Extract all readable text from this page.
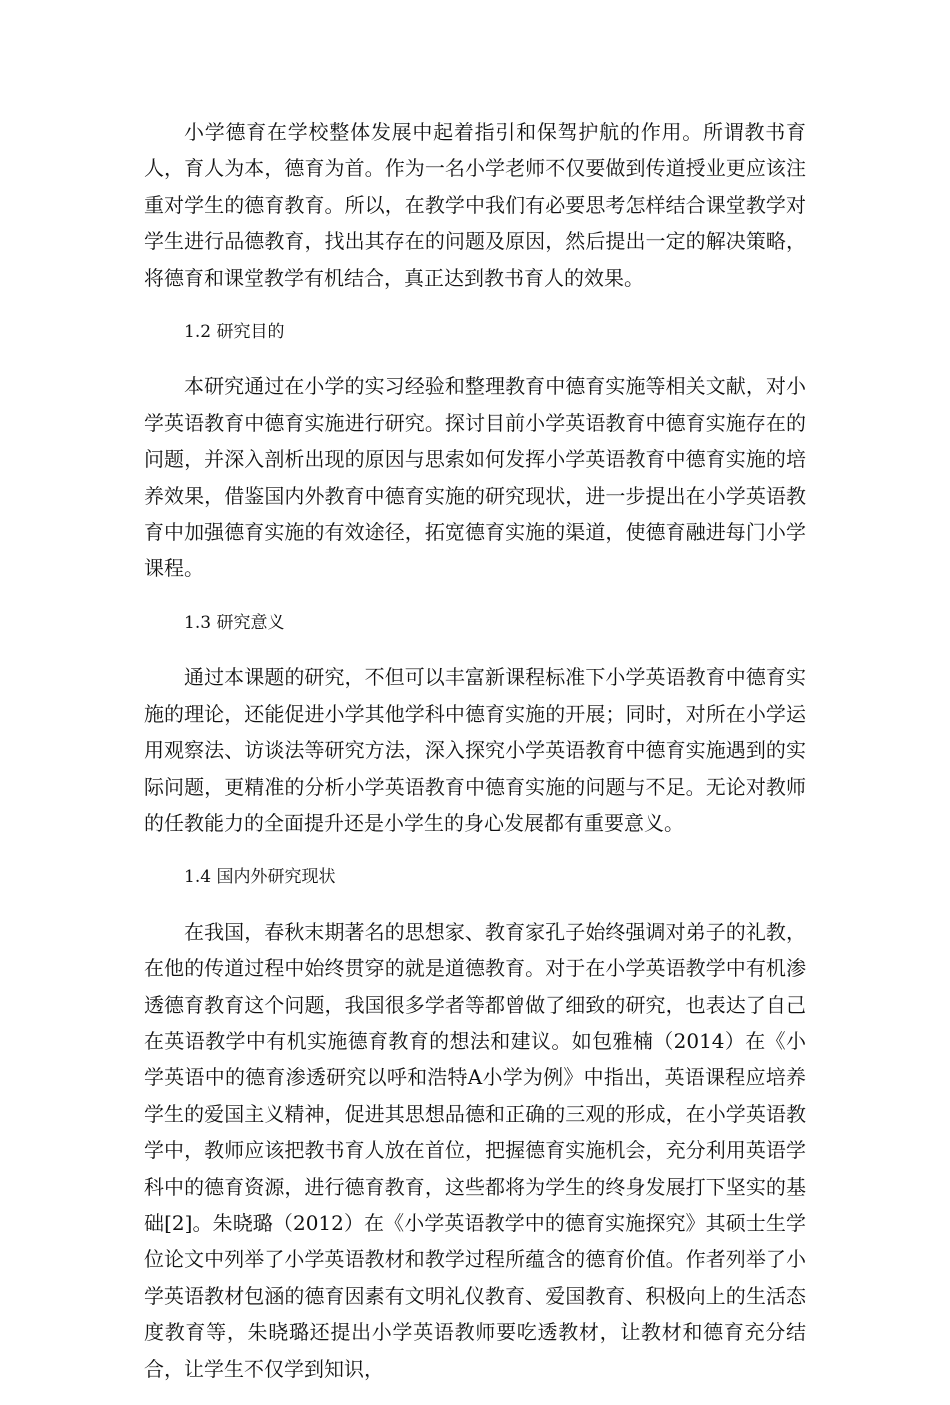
小学德育在学校整体发展中起着指引和保驾护航的作用。所谓教书育人，育人为本，德育为首。作为一名小学老师不仅要做到传道授业更应该注重对学生的德育教育。所以，在教学中我们有必要思考怎样结合课堂教学对学生进行品德教育，找出其存在的问题及原因，然后提出一定的解决策略，将德育和课堂教学有机结合，真正达到教书育人的效果。

1.2 研究目的

本研究通过在小学的实习经验和整理教育中德育实施等相关文献，对小学英语教育中德育实施进行研究。探讨目前小学英语教育中德育实施存在的问题，并深入剖析出现的原因与思索如何发挥小学英语教育中德育实施的培养效果，借鉴国内外教育中德育实施的研究现状，进一步提出在小学英语教育中加强德育实施的有效途径，拓宽德育实施的渠道，使德育融进每门小学课程。

1.3 研究意义

通过本课题的研究，不但可以丰富新课程标准下小学英语教育中德育实施的理论，还能促进小学其他学科中德育实施的开展；同时，对所在小学运用观察法、访谈法等研究方法，深入探究小学英语教育中德育实施遇到的实际问题，更精准的分析小学英语教育中德育实施的问题与不足。无论对教师的任教能力的全面提升还是小学生的身心发展都有重要意义。

1.4 国内外研究现状

在我国，春秋末期著名的思想家、教育家孔子始终强调对弟子的礼教，在他的传道过程中始终贯穿的就是道德教育。对于在小学英语教学中有机渗透德育教育这个问题，我国很多学者等都曾做了细致的研究，也表达了自己在英语教学中有机实施德育教育的想法和建议。如包雅楠（2014）在《小学英语中的德育渗透研究以呼和浩特A小学为例》中指出，英语课程应培养学生的爱国主义精神，促进其思想品德和正确的三观的形成，在小学英语教学中，教师应该把教书育人放在首位，把握德育实施机会，充分利用英语学科中的德育资源，进行德育教育，这些都将为学生的终身发展打下坚实的基础[2]。朱晓璐（2012）在《小学英语教学中的德育实施探究》其硕士生学位论文中列举了小学英语教材和教学过程所蕴含的德育价值。作者列举了小学英语教材包涵的德育因素有文明礼仪教育、爱国教育、积极向上的生活态度教育等，朱晓璐还提出小学英语教师要吃透教材，让教材和德育充分结合，让学生不仅学到知识，
